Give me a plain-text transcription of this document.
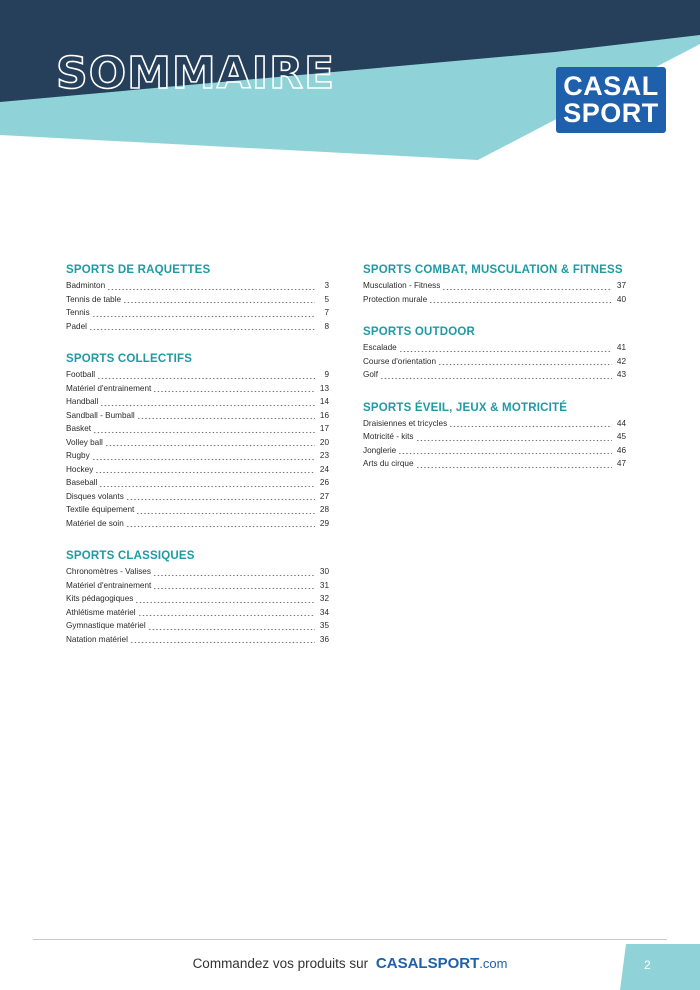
SOMMAIRE	CASAL
SPORT
SPORTS DE RAQUETTES
Badminton	3
Tennis de table	5
Tennis	7
Padel	8
SPORTS COLLECTIFS
Football	9
Matériel d'entrainement	13
Handball	14
Sandball - Bumball	16
Basket	17
Volley ball	20
Rugby	23
Hockey	24
Baseball	26
Disques volants	27
Textile équipement	28
Matériel de soin	29
SPORTS CLASSIQUES
Chronomètres - Valises	30
Matériel d'entrainement	31
Kits pédagogiques	32
Athlétisme matériel	34
Gymnastique matériel	35
Natation matériel	36
SPORTS COMBAT, MUSCULATION & FITNESS
Musculation - Fitness	37
Protection murale	40
SPORTS OUTDOOR
Escalade	41
Course d'orientation	42
Golf	43
SPORTS ÉVEIL, JEUX & MOTRICITÉ
Draisiennes et tricycles	44
Motricité - kits	45
Jonglerie	46
Arts du cirque	47
Commandez vos produits sur CASALSPORT.com	2
